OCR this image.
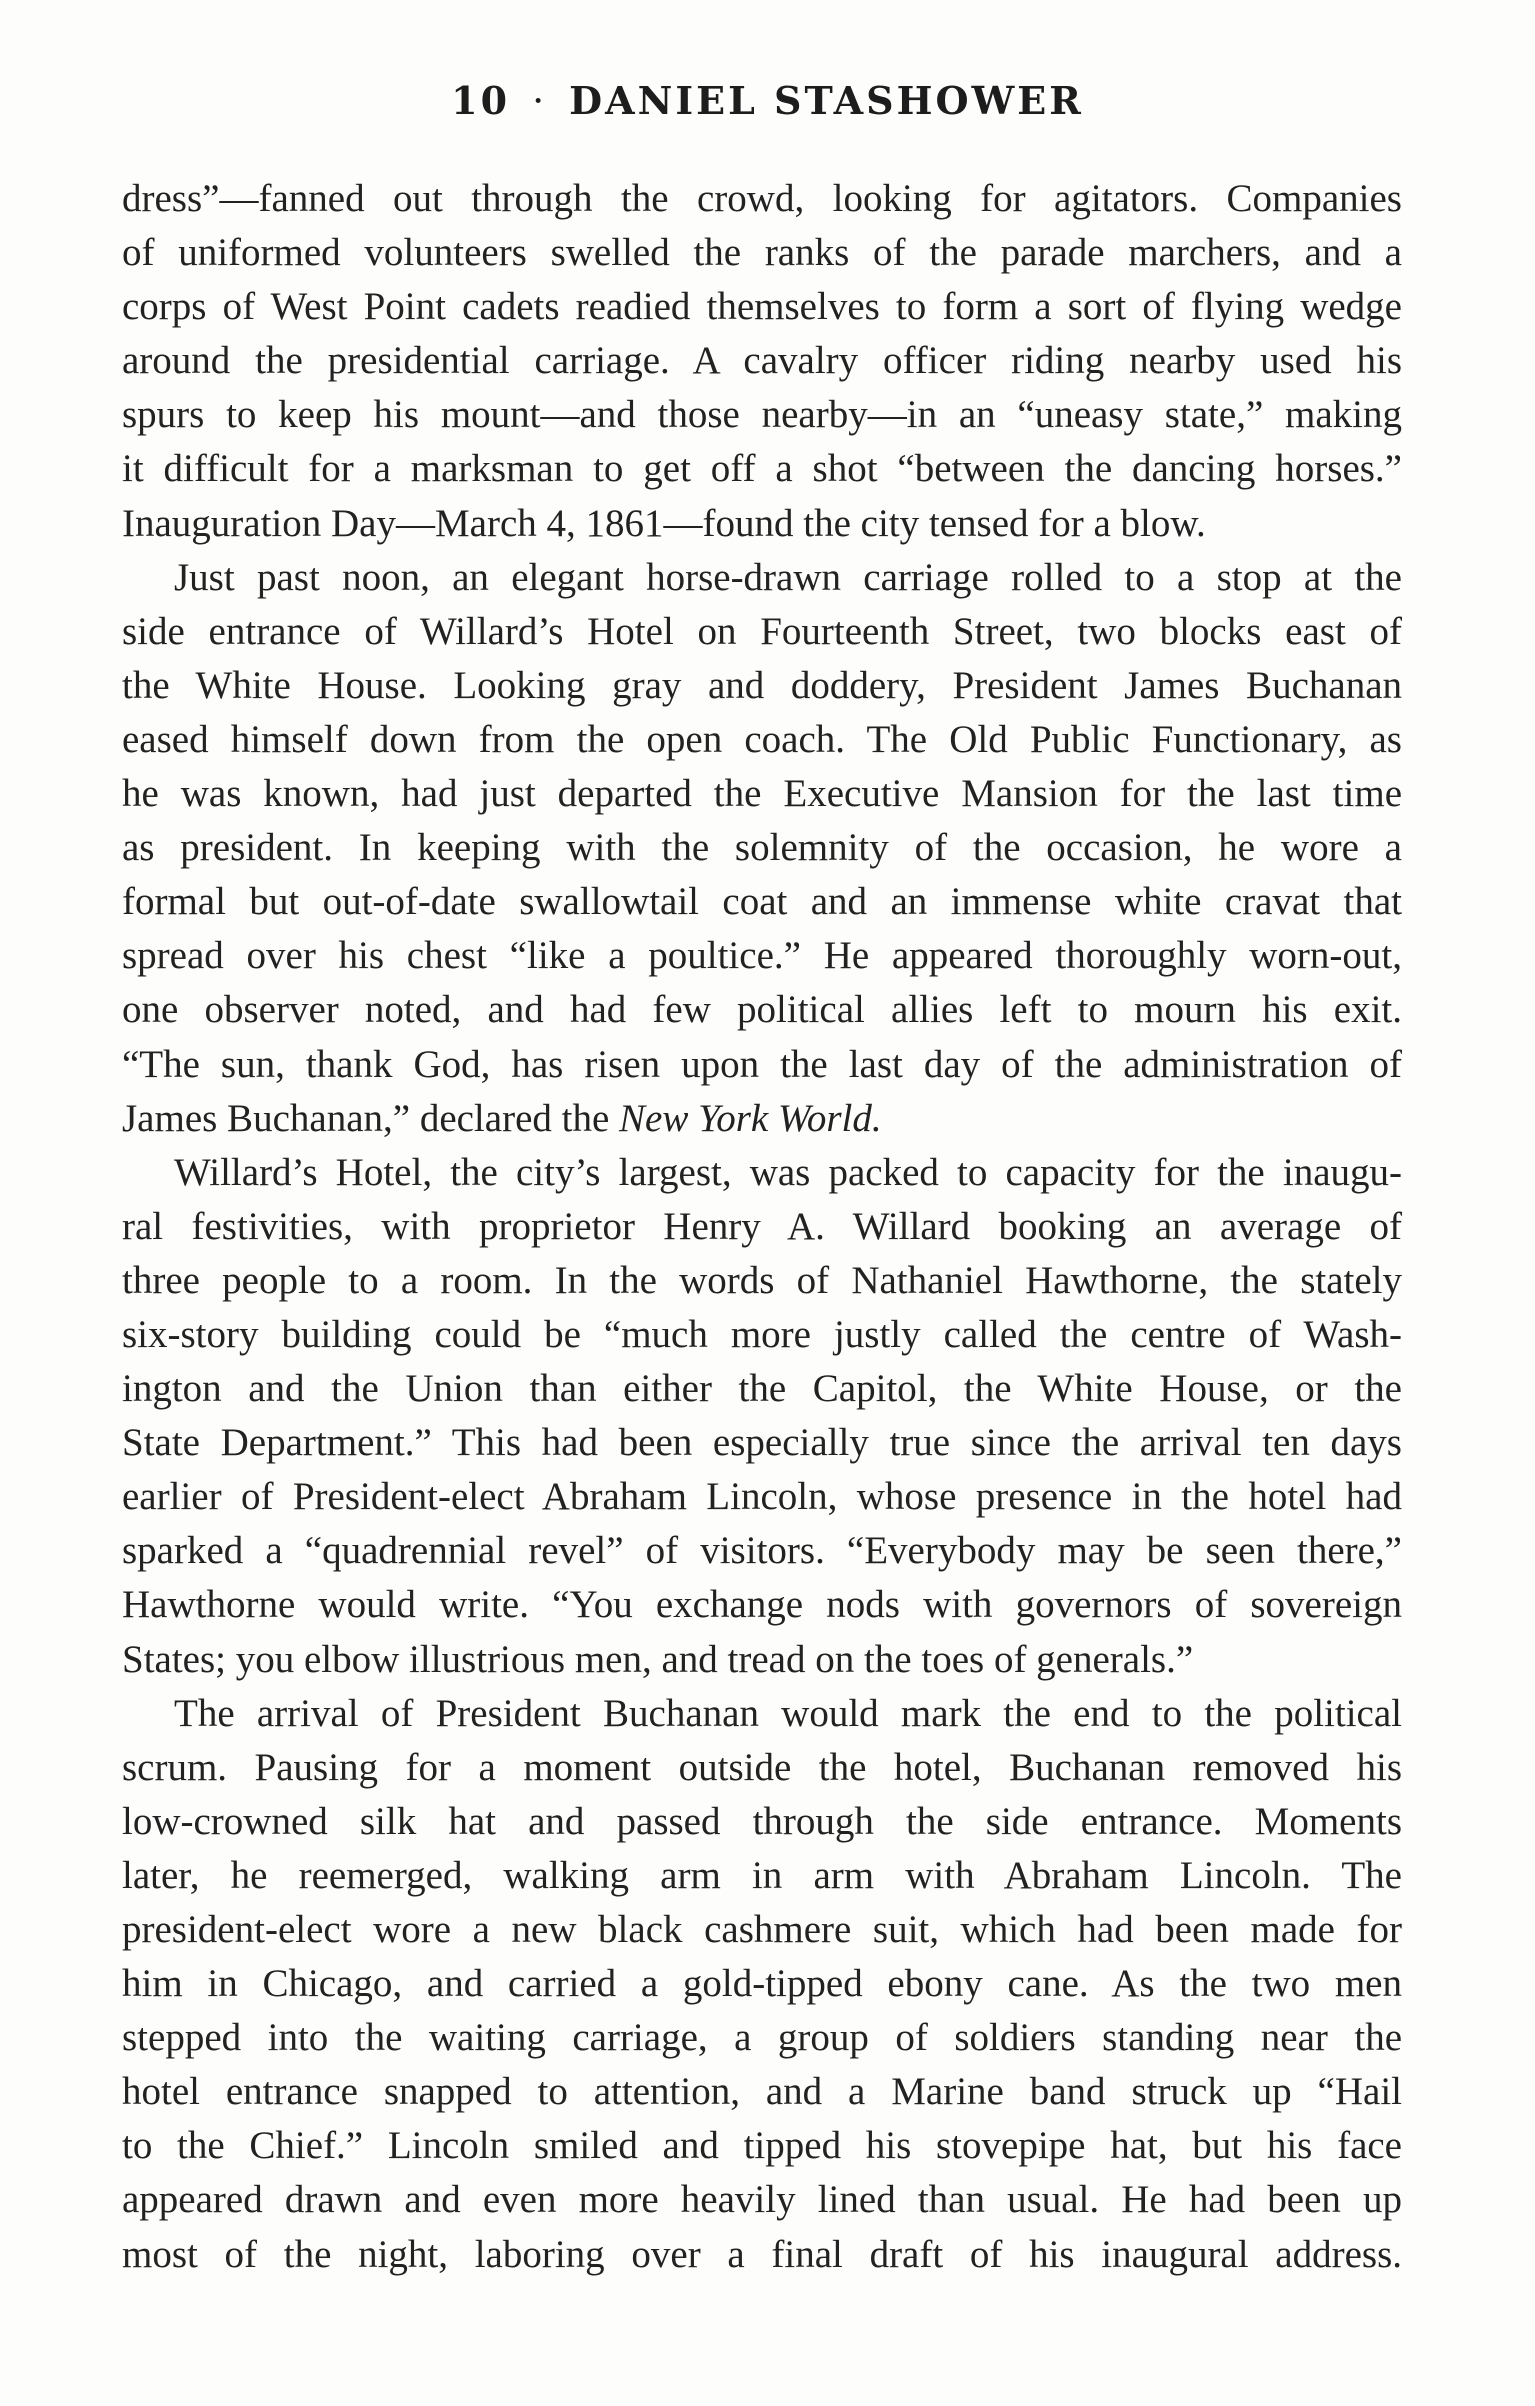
10 · DANIEL STASHOWER
dress”—fanned out through the crowd, looking for agitators. Companies
of uniformed volunteers swelled the ranks of the parade marchers, and a
corps of West Point cadets readied themselves to form a sort of flying wedge
around the presidential carriage. A cavalry officer riding nearby used his
spurs to keep his mount—and those nearby—in an “uneasy state,” making
it difficult for a marksman to get off a shot “between the dancing horses.”
Inauguration Day—March 4, 1861—found the city tensed for a blow.
Just past noon, an elegant horse-drawn carriage rolled to a stop at the
side entrance of Willard’s Hotel on Fourteenth Street, two blocks east of
the White House. Looking gray and doddery, President James Buchanan
eased himself down from the open coach. The Old Public Functionary, as
he was known, had just departed the Executive Mansion for the last time
as president. In keeping with the solemnity of the occasion, he wore a
formal but out-of-date swallowtail coat and an immense white cravat that
spread over his chest “like a poultice.” He appeared thoroughly worn-out,
one observer noted, and had few political allies left to mourn his exit.
“The sun, thank God, has risen upon the last day of the administration of
James Buchanan,” declared the New York World.
Willard’s Hotel, the city’s largest, was packed to capacity for the inaugu-
ral festivities, with proprietor Henry A. Willard booking an average of
three people to a room. In the words of Nathaniel Hawthorne, the stately
six-story building could be “much more justly called the centre of Wash-
ington and the Union than either the Capitol, the White House, or the
State Department.” This had been especially true since the arrival ten days
earlier of President-elect Abraham Lincoln, whose presence in the hotel had
sparked a “quadrennial revel” of visitors. “Everybody may be seen there,”
Hawthorne would write. “You exchange nods with governors of sovereign
States; you elbow illustrious men, and tread on the toes of generals.”
The arrival of President Buchanan would mark the end to the political
scrum. Pausing for a moment outside the hotel, Buchanan removed his
low-crowned silk hat and passed through the side entrance. Moments
later, he reemerged, walking arm in arm with Abraham Lincoln. The
president-elect wore a new black cashmere suit, which had been made for
him in Chicago, and carried a gold-tipped ebony cane. As the two men
stepped into the waiting carriage, a group of soldiers standing near the
hotel entrance snapped to attention, and a Marine band struck up “Hail
to the Chief.” Lincoln smiled and tipped his stovepipe hat, but his face
appeared drawn and even more heavily lined than usual. He had been up
most of the night, laboring over a final draft of his inaugural address.
